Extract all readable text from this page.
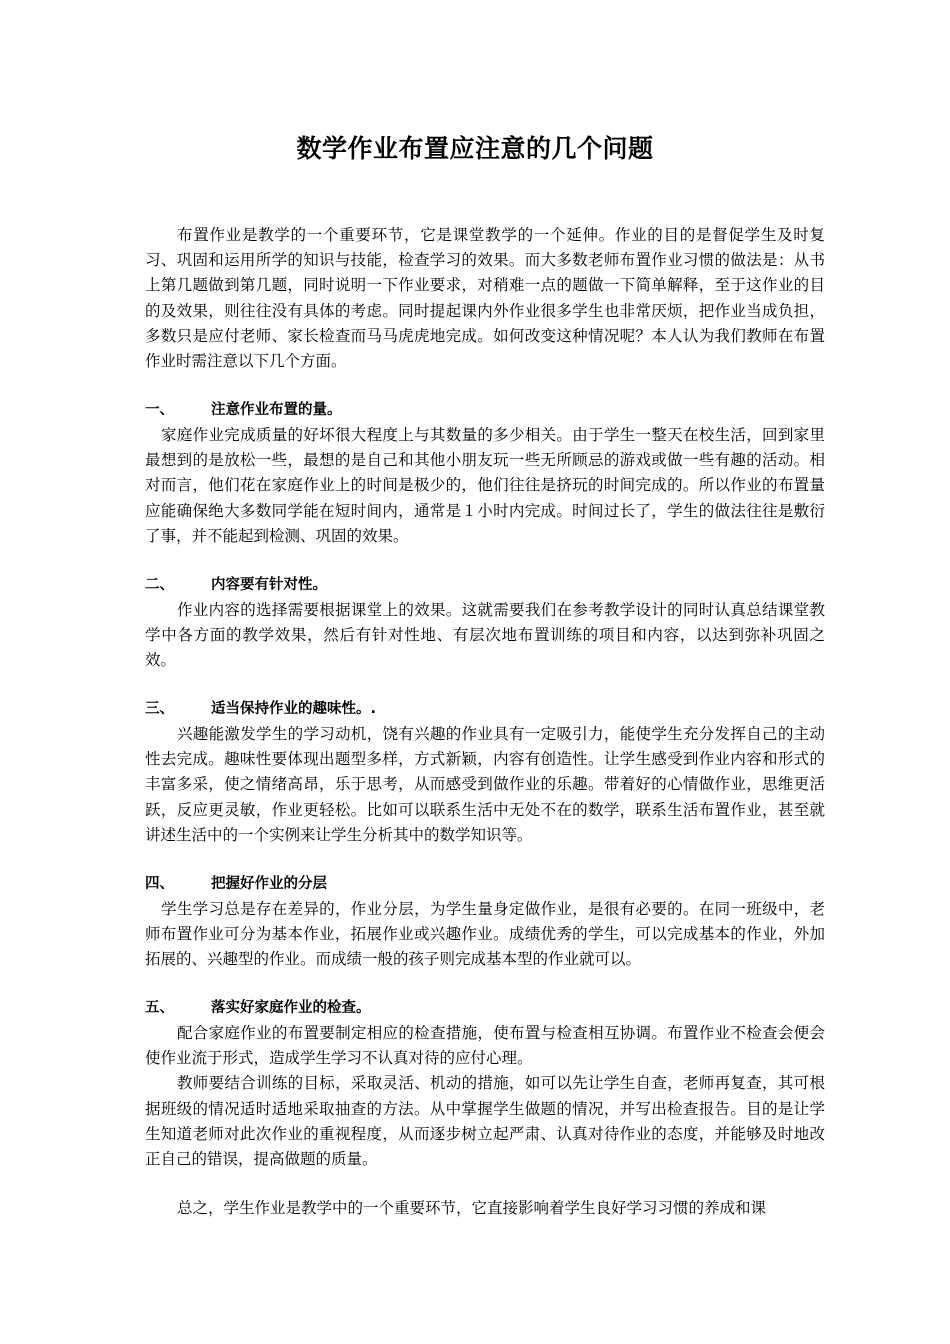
数学作业布置应注意的几个问题

布置作业是教学的一个重要环节，它是课堂教学的一个延伸。作业的目的是督促学生及时复习、巩固和运用所学的知识与技能，检查学习的效果。而大多数老师布置作业习惯的做法是：从书上第几题做到第几题，同时说明一下作业要求，对稍难一点的题做一下简单解释，至于这作业的目的及效果，则往往没有具体的考虑。同时提起课内外作业很多学生也非常厌烦，把作业当成负担，多数只是应付老师、家长检查而马马虎虎地完成。如何改变这种情况呢？本人认为我们教师在布置作业时需注意以下几个方面。

一、	注意作业布置的量。

家庭作业完成质量的好坏很大程度上与其数量的多少相关。由于学生一整天在校生活，回到家里最想到的是放松一些，最想的是自己和其他小朋友玩一些无所顾忌的游戏或做一些有趣的活动。相对而言，他们花在家庭作业上的时间是极少的，他们往往是挤玩的时间完成的。所以作业的布置量应能确保绝大多数同学能在短时间内，通常是１小时内完成。时间过长了，学生的做法往往是敷衍了事，并不能起到检测、巩固的效果。

二、	内容要有针对性。

作业内容的选择需要根据课堂上的效果。这就需要我们在参考教学设计的同时认真总结课堂教学中各方面的教学效果，然后有针对性地、有层次地布置训练的项目和内容，以达到弥补巩固之效。

三、	适当保持作业的趣味性。.

兴趣能激发学生的学习动机，饶有兴趣的作业具有一定吸引力，能使学生充分发挥自己的主动性去完成。趣味性要体现出题型多样，方式新颖，内容有创造性。让学生感受到作业内容和形式的丰富多采，使之情绪高昂，乐于思考，从而感受到做作业的乐趣。带着好的心情做作业，思维更活跃，反应更灵敏，作业更轻松。比如可以联系生活中无处不在的数学，联系生活布置作业，甚至就讲述生活中的一个实例来让学生分析其中的数学知识等。

四、	把握好作业的分层

学生学习总是存在差异的，作业分层，为学生量身定做作业，是很有必要的。在同一班级中，老师布置作业可分为基本作业，拓展作业或兴趣作业。成绩优秀的学生，可以完成基本的作业，外加拓展的、兴趣型的作业。而成绩一般的孩子则完成基本型的作业就可以。

五、	落实好家庭作业的检查。

配合家庭作业的布置要制定相应的检查措施，使布置与检查相互协调。布置作业不检查会便会使作业流于形式，造成学生学习不认真对待的应付心理。

教师要结合训练的目标，采取灵活、机动的措施，如可以先让学生自查，老师再复查，其可根据班级的情况适时适地采取抽查的方法。从中掌握学生做题的情况，并写出检查报告。目的是让学生知道老师对此次作业的重视程度，从而逐步树立起严肃、认真对待作业的态度，并能够及时地改正自己的错误，提高做题的质量。

总之，学生作业是教学中的一个重要环节，它直接影响着学生良好学习习惯的养成和课
